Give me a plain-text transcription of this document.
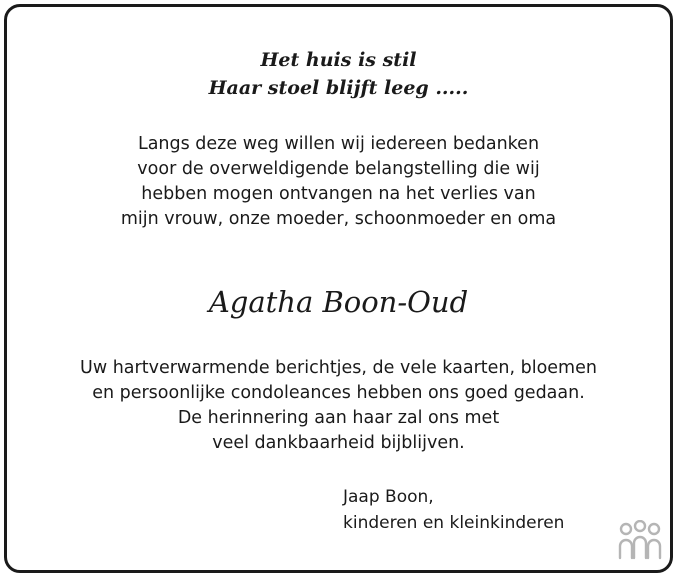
Het huis is stil
Haar stoel blijft leeg .....
Langs deze weg willen wij iedereen bedanken
voor de overweldigende belangstelling die wij
hebben mogen ontvangen na het verlies van
mijn vrouw, onze moeder, schoonmoeder en oma
Agatha Boon-Oud
Uw hartverwarmende berichtjes, de vele kaarten, bloemen
en persoonlijke condoleances hebben ons goed gedaan.
De herinnering aan haar zal ons met
veel dankbaarheid bijblijven.
Jaap Boon,
kinderen en kleinkinderen
